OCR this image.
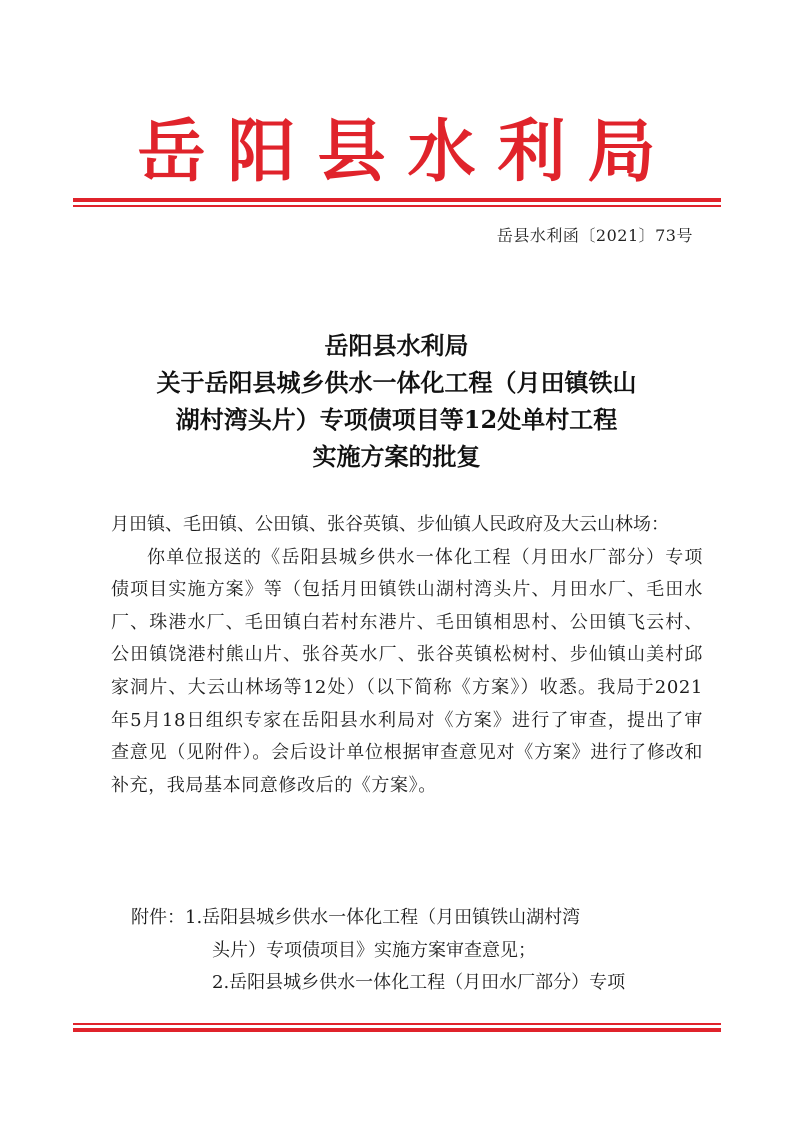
岳阳县水利局
岳县水利函〔2021〕73号
岳阳县水利局
关于岳阳县城乡供水一体化工程（月田镇铁山
湖村湾头片）专项债项目等12处单村工程
实施方案的批复
月田镇、毛田镇、公田镇、张谷英镇、步仙镇人民政府及大云山林场：
你单位报送的《岳阳县城乡供水一体化工程（月田水厂部分）专项债项目实施方案》等（包括月田镇铁山湖村湾头片、月田水厂、毛田水厂、珠港水厂、毛田镇白若村东港片、毛田镇相思村、公田镇飞云村、公田镇饶港村熊山片、张谷英水厂、张谷英镇松树村、步仙镇山美村邱家洞片、大云山林场等12处）（以下简称《方案》）收悉。我局于2021年5月18日组织专家在岳阳县水利局对《方案》进行了审查，提出了审查意见（见附件）。会后设计单位根据审查意见对《方案》进行了修改和补充，我局基本同意修改后的《方案》。
附件：1.岳阳县城乡供水一体化工程（月田镇铁山湖村湾
头片）专项债项目》实施方案审查意见；
2.岳阳县城乡供水一体化工程（月田水厂部分）专项
